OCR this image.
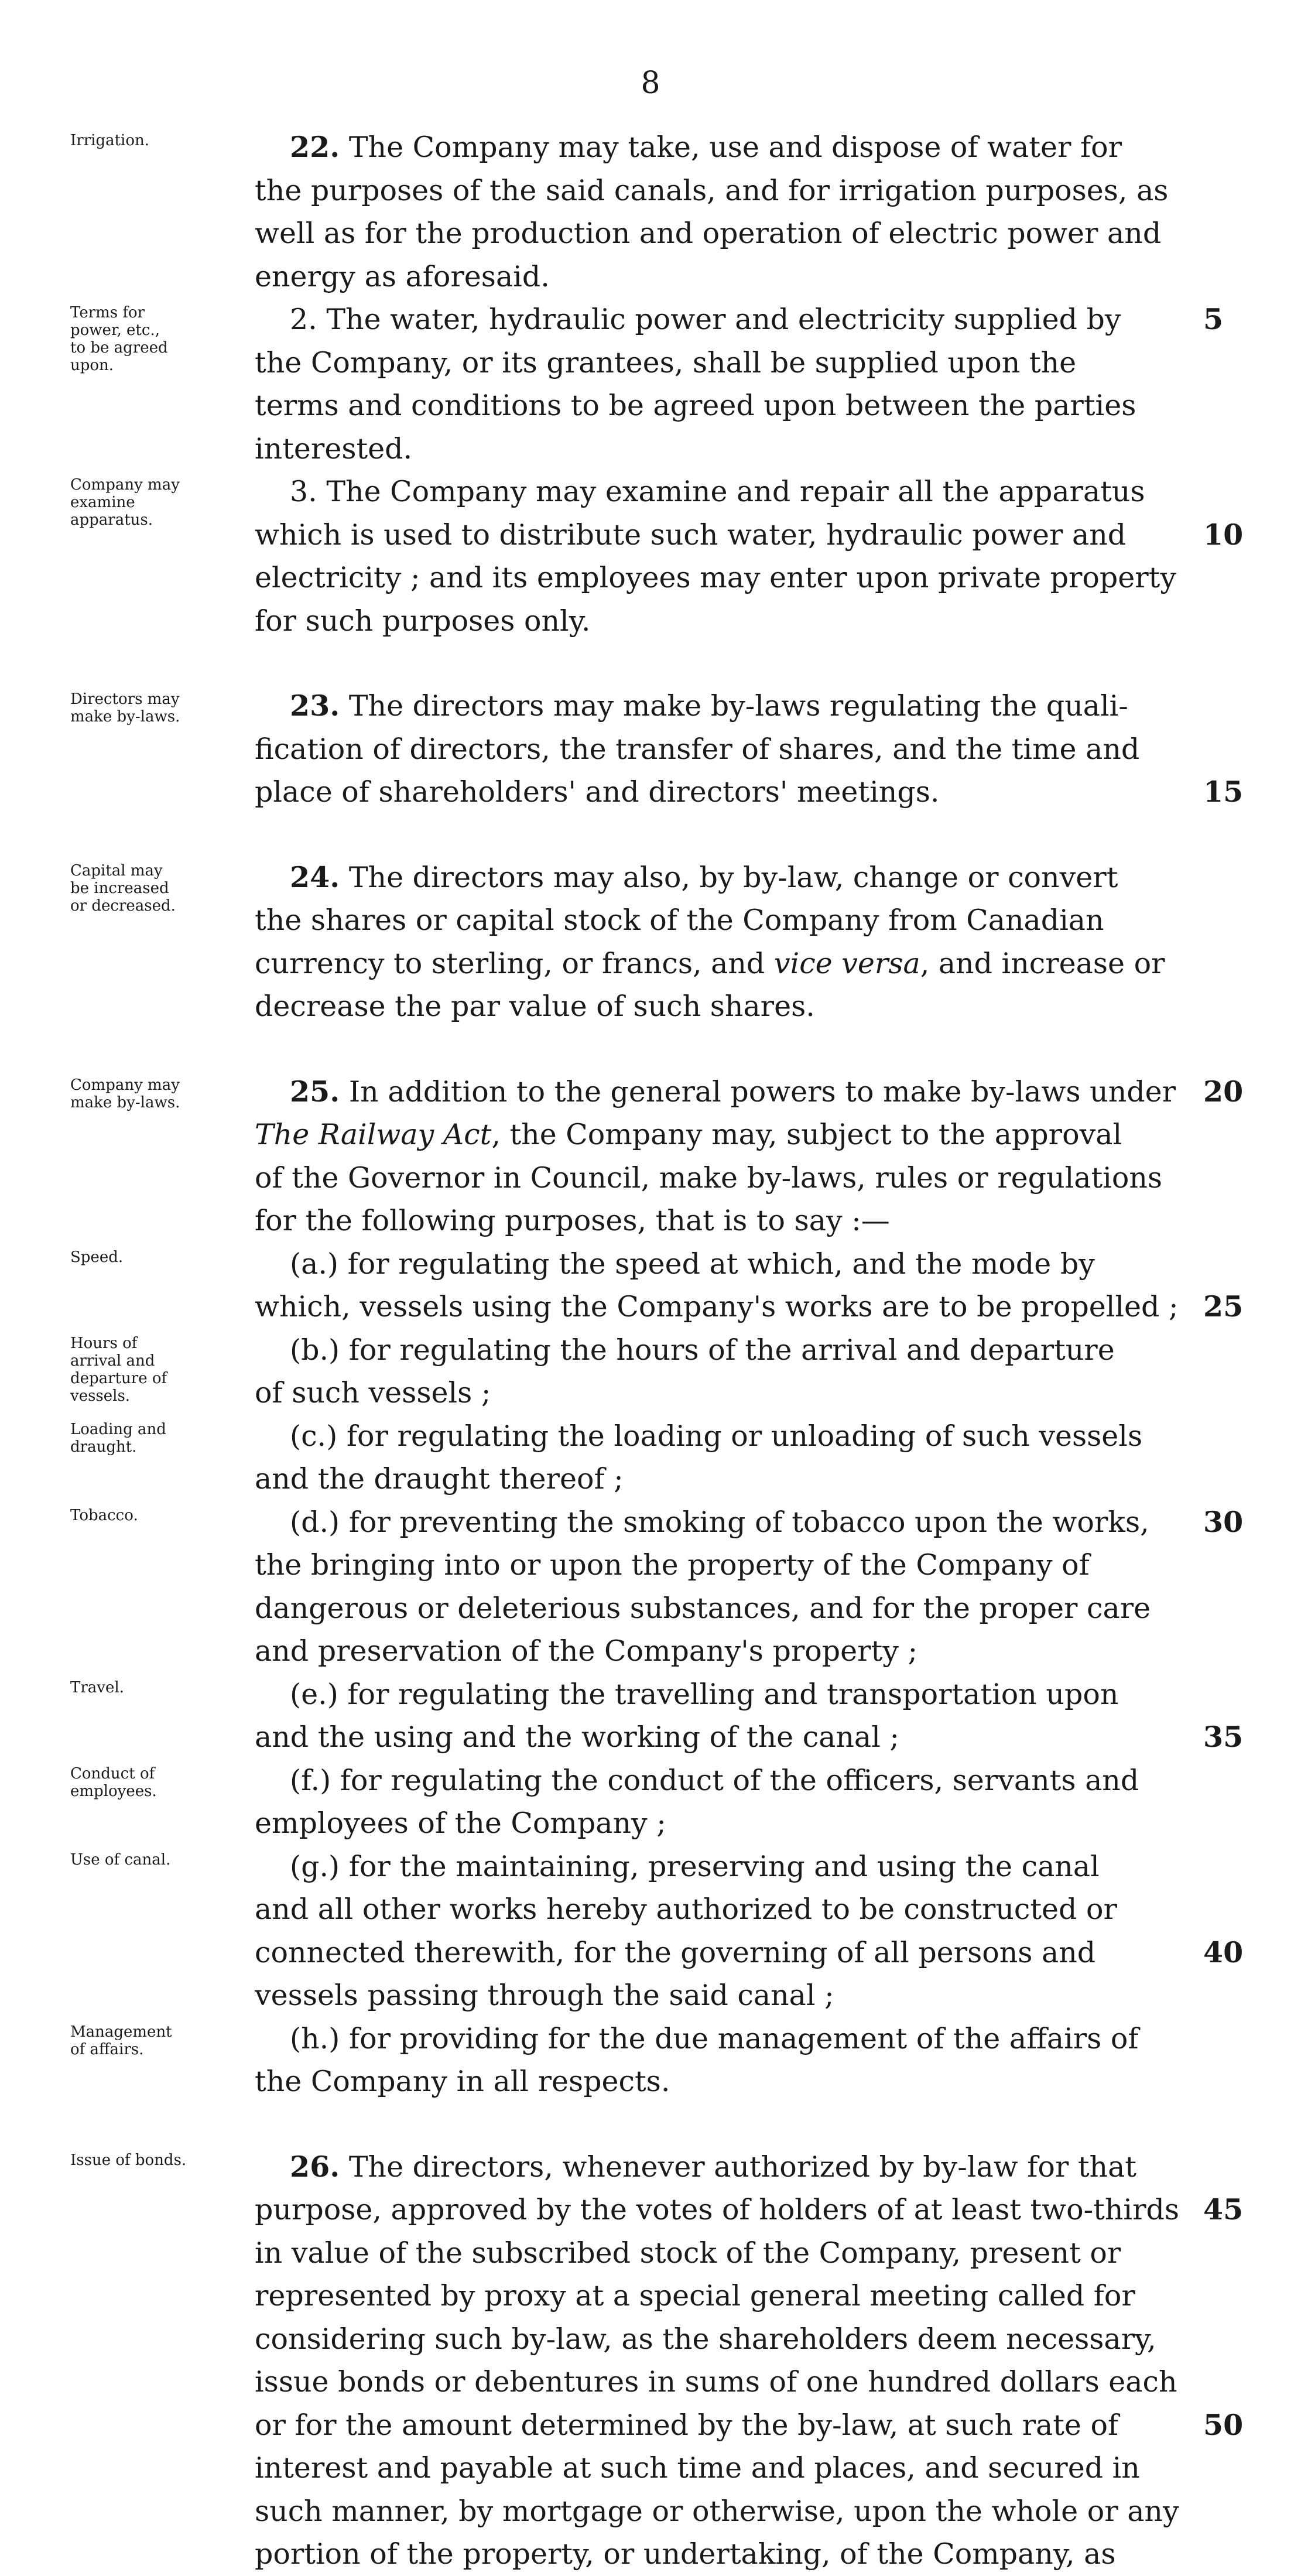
8
Irrigation.	22. The Company may take, use and dispose of water for
the purposes of the said canals, and for irrigation purposes, as
well as for the production and operation of electric power and
energy as aforesaid.
Terms for
power, etc.,
to be agreed
upon.
2. The water, hydraulic power and electricity supplied by	5
the Company, or its grantees, shall be supplied upon the
terms and conditions to be agreed upon between the parties
interested.
Company may
examine
apparatus.
3. The Company may examine and repair all the apparatus
which is used to distribute such water, hydraulic power and	10
electricity ; and its employees may enter upon private property
for such purposes only.
Directors may
make by-laws.	23. The directors may make by-laws regulating the quali-
fication of directors, the transfer of shares, and the time and
place of shareholders' and directors' meetings.	15
Capital may
be increased
or decreased.
24. The directors may also, by by-law, change or convert
the shares or capital stock of the Company from Canadian
currency to sterling, or francs, and vice versa, and increase or
decrease the par value of such shares.
Company may
make by-laws.	25. In addition to the general powers to make by-laws under 20
The Railway Act, the Company may, subject to the approval
of the Governor in Council, make by-laws, rules or regulations
for the following purposes, that is to say :—
Speed.	(a.) for regulating the speed at which, and the mode by
which, vessels using the Company's works are to be propelled ; 25
Hours of
arrival and
departure of
vessels.
(b.) for regulating the hours of the arrival and departure
of such vessels ;
Loading and
draught.	(c.) for regulating the loading or unloading of such vessels
and the draught thereof ;
Tobacco.	(d.) for preventing the smoking of tobacco upon the works,	30
the bringing into or upon the property of the Company of
dangerous or deleterious substances, and for the proper care
and preservation of the Company's property ;
Travel.	(e.) for regulating the travelling and transportation upon
and the using and the working of the canal ;	35
Conduct of
employees.	(f.) for regulating the conduct of the officers, servants and
employees of the Company ;
Use of canal.	(g.) for the maintaining, preserving and using the canal
and all other works hereby authorized to be constructed or
connected therewith, for the governing of all persons and	40
vessels passing through the said canal ;
Management
of affairs.	(h.) for providing for the due management of the affairs of
the Company in all respects.
Issue of bonds.	26. The directors, whenever authorized by by-law for that
purpose, approved by the votes of holders of at least two-thirds 45
in value of the subscribed stock of the Company, present or
represented by proxy at a special general meeting called for
considering such by-law, as the shareholders deem necessary,
issue bonds or debentures in sums of one hundred dollars each
or for the amount determined by the by-law, at such rate of	50
interest and payable at such time and places, and secured in
such manner, by mortgage or otherwise, upon the whole or any
portion of the property, or undertaking, of the Company, as
